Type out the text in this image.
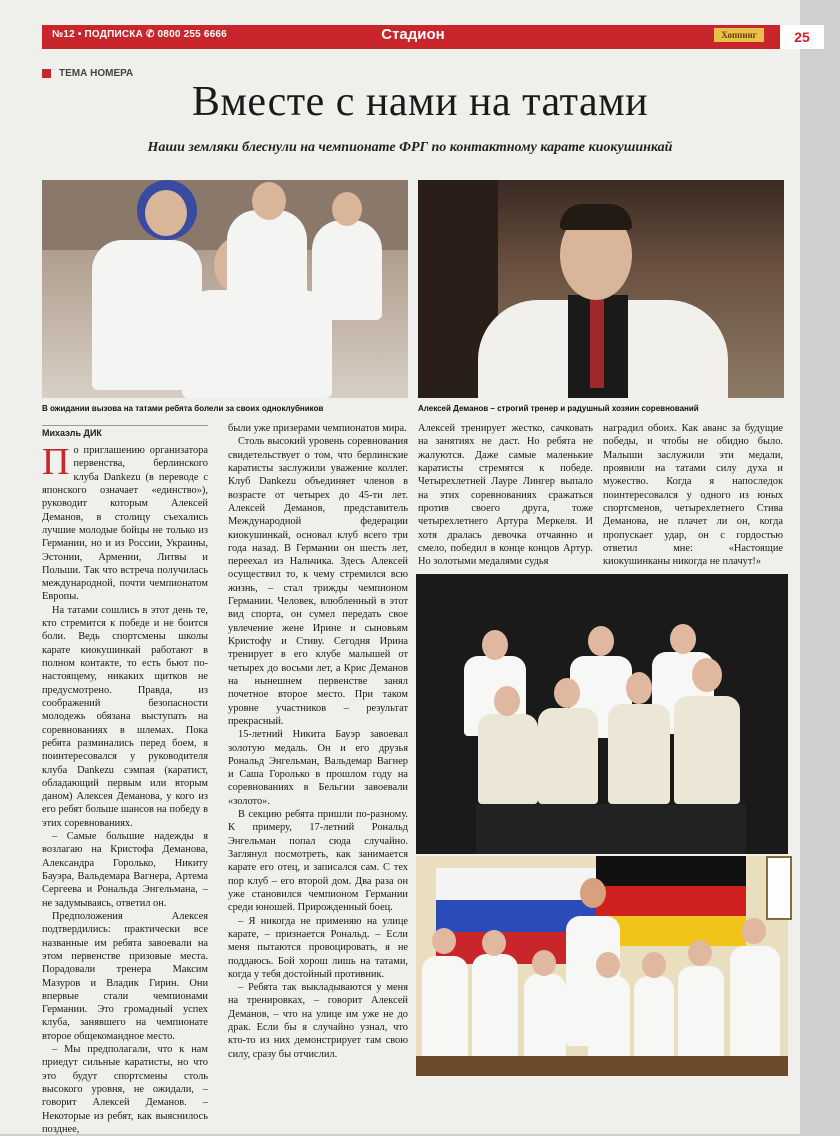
№12 • ПОДПИСКА ✆ 0800 255 6666	Стадион	Хоппинг	25
ТЕМА НОМЕРА
Вместе с нами на татами
Наши земляки блеснули на чемпионате ФРГ по контактному карате киокушинкай
В ожидании вызова на татами ребята болели за своих одноклубников	Алексей Деманов – строгий тренер и радушный хозяин соревнований
Михаэль ДИК

По приглашению организатора первенства, берлинского клуба Dankezu (в переводе с японского означает «единство»), руководит которым Алексей Деманов, в столицу съехались лучшие молодые бойцы не только из Германии, но и из России, Украины, Эстонии, Армении, Литвы и Польши. Так что встреча получилась международной, почти чемпионатом Европы.

На татами сошлись в этот день те, кто стремится к победе и не боится боли. Ведь спортсмены школы карате киокушинкай работают в полном контакте, то есть бьют по-настоящему, никаких щитков не предусмотрено. Правда, из соображений безопасности молодежь обязана выступать на соревнованиях в шлемах. Пока ребята разминались перед боем, я поинтересовался у руководителя клуба Dankezu сэмпая (каратист, обладающий первым или вторым даном) Алексея Деманова, у кого из его ребят больше шансов на победу в этих соревнованиях.

– Самые большие надежды я возлагаю на Кристофа Деманова, Александра Горолько, Никиту Бауэра, Вальдемара Вагнера, Артема Сергеева и Рональда Энгельмана, – не задумываясь, ответил он.

Предположения Алексея подтвердились: практически все названные им ребята завоевали на этом первенстве призовые места. Порадовали тренера Максим Мазуров и Владик Гирин. Они впервые стали чемпионами Германии. Это громадный успех клуба, занявшего на чемпионате второе общекомандное место.

– Мы предполагали, что к нам приедут сильные каратисты, но что это будут спортсмены столь высокого уровня, не ожидали, – говорит Алексей Деманов. – Некоторые из ребят, как выяснилось позднее,

были уже призерами чемпионатов мира.

Столь высокий уровень соревнования свидетельствует о том, что берлинские каратисты заслужили уважение коллег. Клуб Dankezu объединяет членов в возрасте от четырех до 45-ти лет. Алексей Деманов, представитель Международной федерации киокушинкай, основал клуб всего три года назад. В Германии он шесть лет, переехал из Нальчика. Здесь Алексей осуществил то, к чему стремился всю жизнь, – стал трижды чемпионом Германии. Человек, влюбленный в этот вид спорта, он сумел передать свое увлечение жене Ирине и сыновьям Кристофу и Стиву. Сегодня Ирина тренирует в его клубе малышей от четырех до восьми лет, а Крис Деманов на нынешнем первенстве занял почетное второе место. При таком уровне участников – результат прекрасный.

15-летний Никита Бауэр завоевал золотую медаль. Он и его друзья Рональд Энгельман, Вальдемар Вагнер и Саша Горолько в прошлом году на соревнованиях в Бельгии завоевали «золото».

В секцию ребята пришли по-разному. К примеру, 17-летний Рональд Энгельман попал сюда случайно. Заглянул посмотреть, как занимается карате его отец, и записался сам. С тех пор клуб – его второй дом. Два раза он уже становился чемпионом Германии среди юношей. Прирожденный боец.

– Я никогда не применяю на улице карате, – признается Рональд. – Если меня пытаются провоцировать, я не поддаюсь. Бой хорош лишь на татами, когда у тебя достойный противник.

– Ребята так выкладываются у меня на тренировках, – говорит Алексей Деманов, – что на улице им уже не до драк. Если бы я случайно узнал, что кто-то из них демонстрирует там свою силу, сразу бы отчислил.

Алексей тренирует жестко, сачковать на занятиях не даст. Но ребята не жалуются. Даже самые маленькие каратисты стремятся к победе. Четырехлетней Лауре Лингер выпало на этих соревнованиях сражаться против своего друга, тоже четырехлетнего Артура Меркеля. И хотя дралась девочка отчаянно и смело, победил в конце концов Артур. Но золотыми медалями судья

наградил обоих. Как аванс за будущие победы, и чтобы не обидно было. Малыши заслужили эти медали, проявили на татами силу духа и мужество. Когда я напоследок поинтересовался у одного из юных спортсменов, четырехлетнего Стива Деманова, не плачет ли он, когда пропускает удар, он с гордостью ответил мне: «Настоящие киокушинканы никогда не плачут!»
